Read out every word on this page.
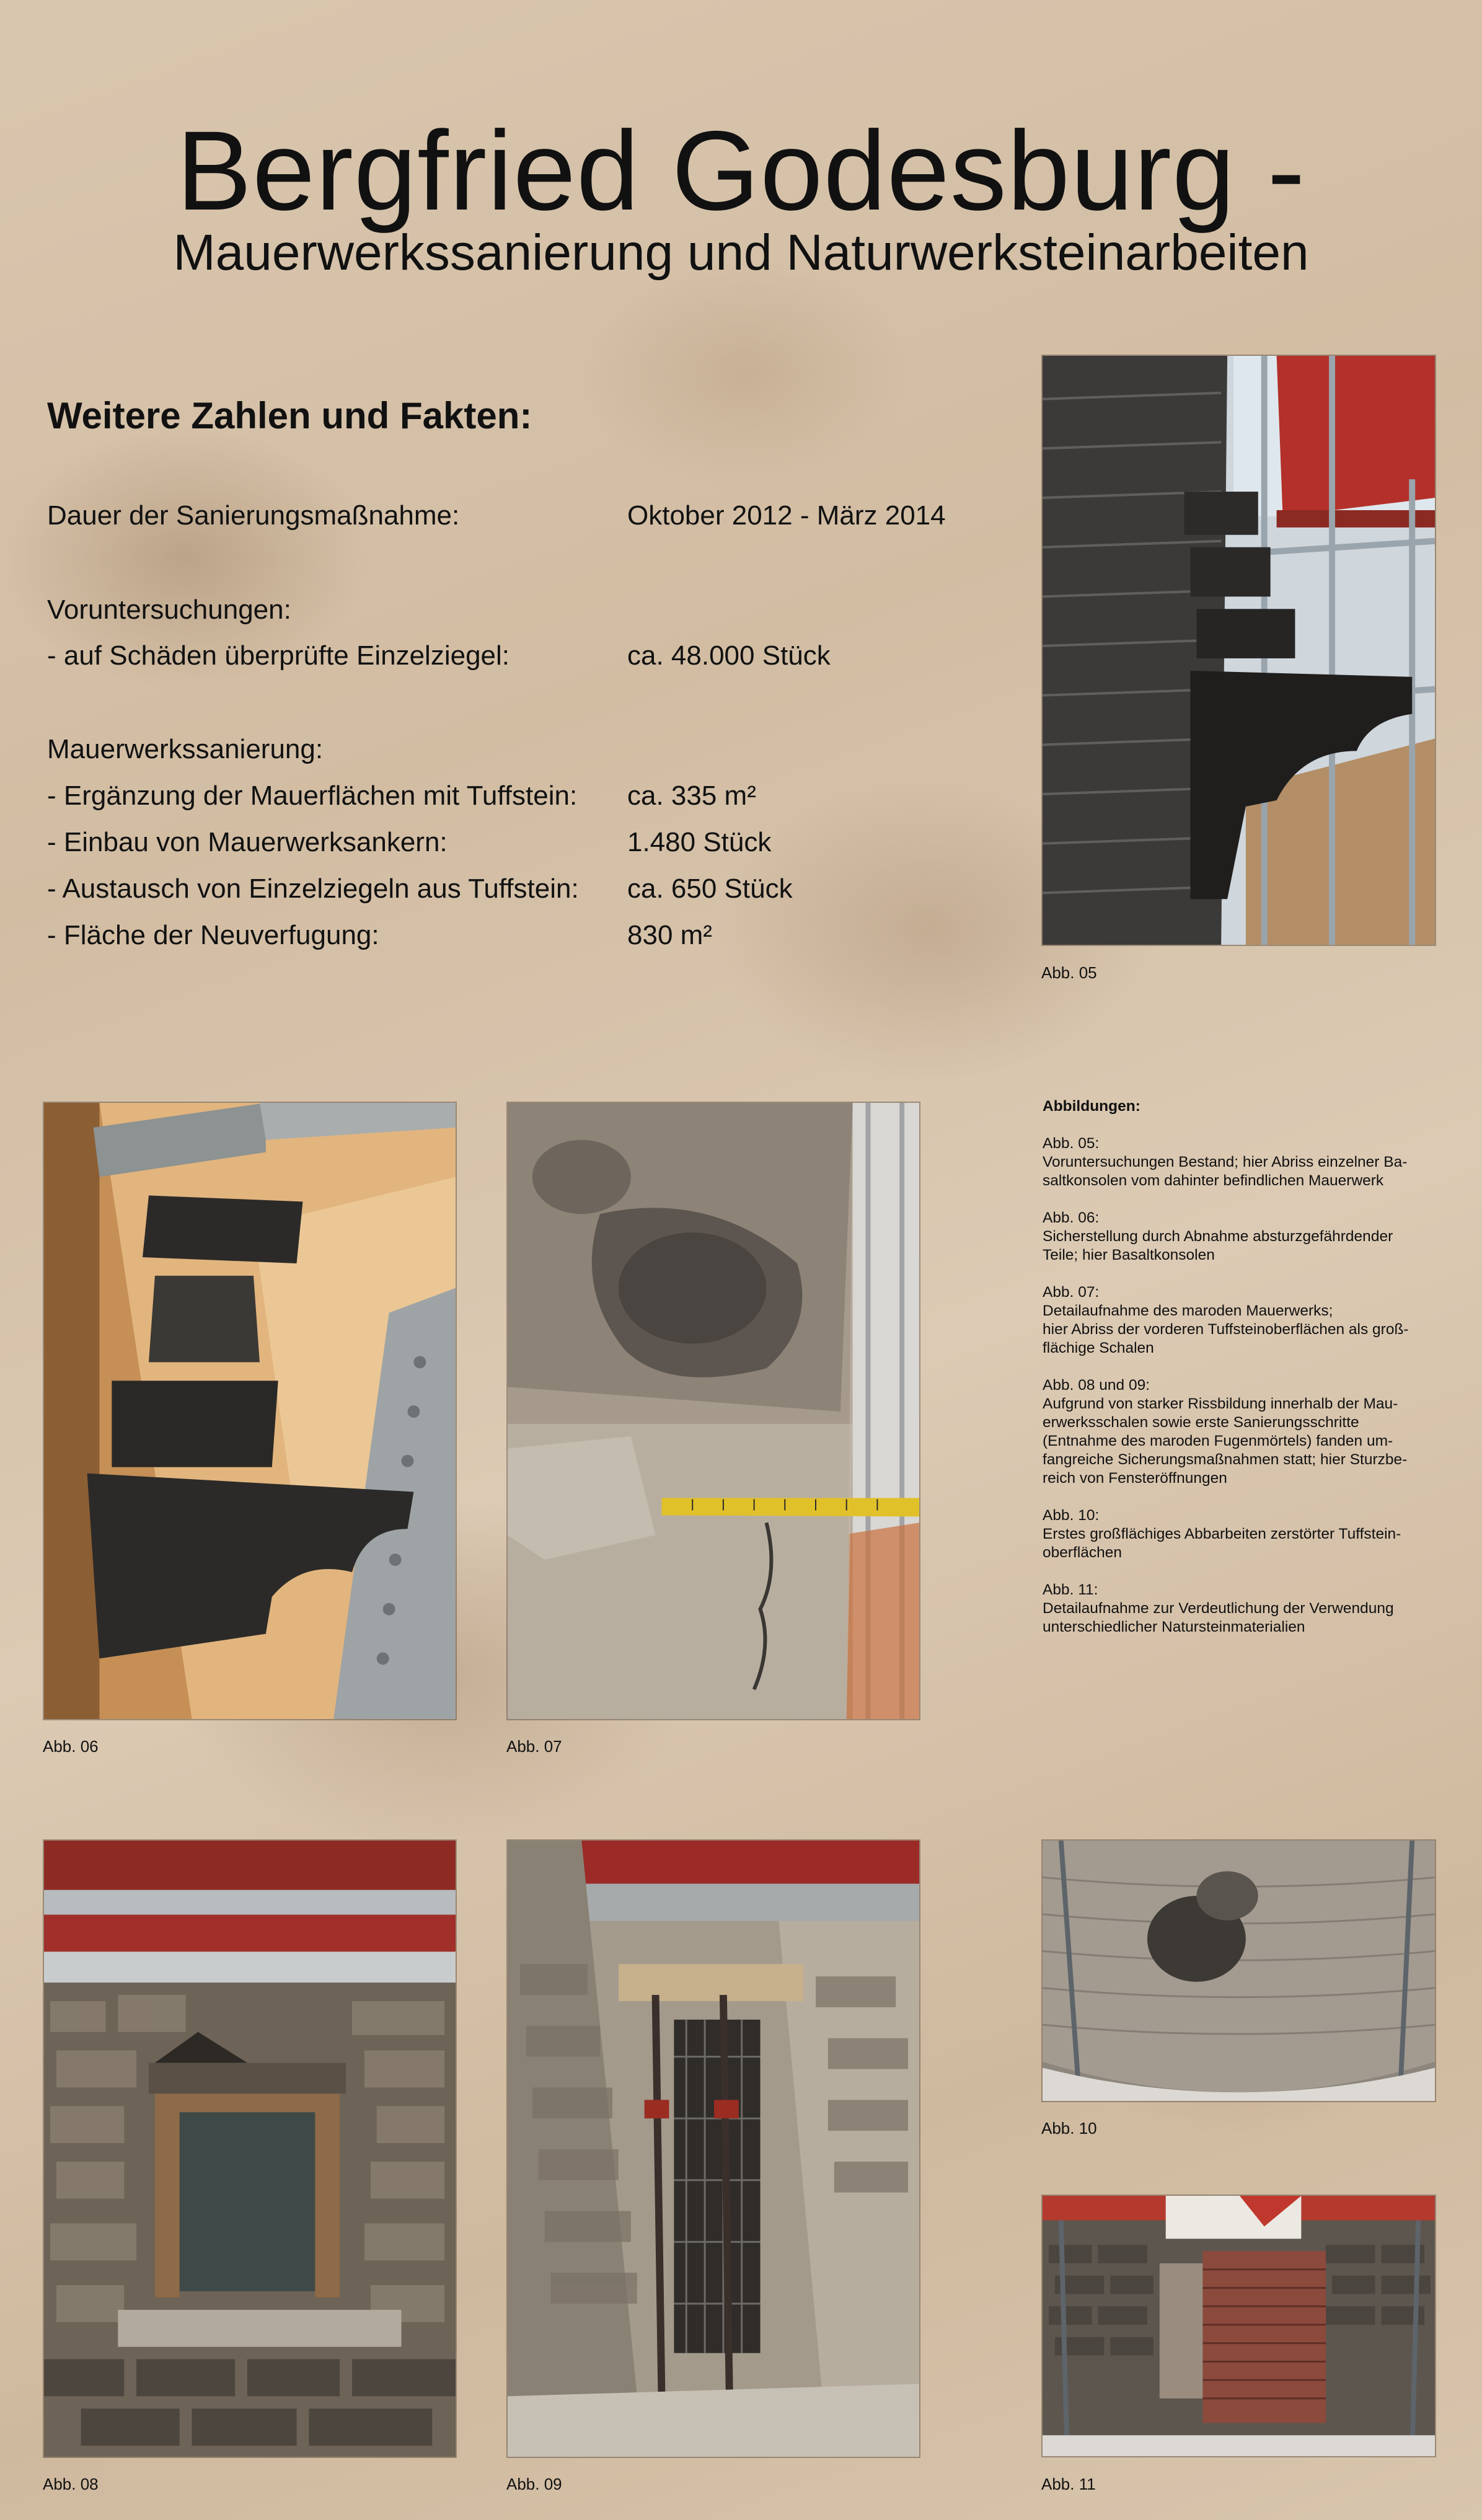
Bergfried Godesburg -
Mauerwerkssanierung und Naturwerksteinarbeiten
Weitere Zahlen und Fakten:
Dauer der Sanierungsmaßnahme:	Oktober 2012 - März 2014
Voruntersuchungen:
- auf Schäden überprüfte Einzelziegel:	ca. 48.000 Stück
Mauerwerkssanierung:
- Ergänzung der Mauerflächen mit Tuffstein: ca. 335 m²
- Einbau von Mauerwerksankern:	1.480 Stück
- Austausch von Einzelziegeln aus Tuffstein: ca. 650 Stück
- Fläche der Neuverfugung:	830 m²
Abb. 05
Abb. 06	Abb. 07
Abbildungen:
Abb. 05:
Voruntersuchungen Bestand; hier Abriss einzelner Ba-
saltkonsolen vom dahinter befindlichen Mauerwerk
Abb. 06:
Sicherstellung durch Abnahme absturzgefährdender
Teile; hier Basaltkonsolen
Abb. 07:
Detailaufnahme des maroden Mauerwerks;
hier Abriss der vorderen Tuffsteinoberflächen als groß-
flächige Schalen
Abb. 08 und 09:
Aufgrund von starker Rissbildung innerhalb der Mau-
erwerksschalen sowie erste Sanierungsschritte
(Entnahme des maroden Fugenmörtels) fanden um-
fangreiche Sicherungsmaßnahmen statt; hier Sturzbe-
reich von Fensteröffnungen
Abb. 10:
Erstes großflächiges Abbarbeiten zerstörter Tuffstein-
oberflächen
Abb. 11:
Detailaufnahme zur Verdeutlichung der Verwendung
unterschiedlicher Natursteinmaterialien
Abb. 08	Abb. 09
Abb. 10
Abb. 11
